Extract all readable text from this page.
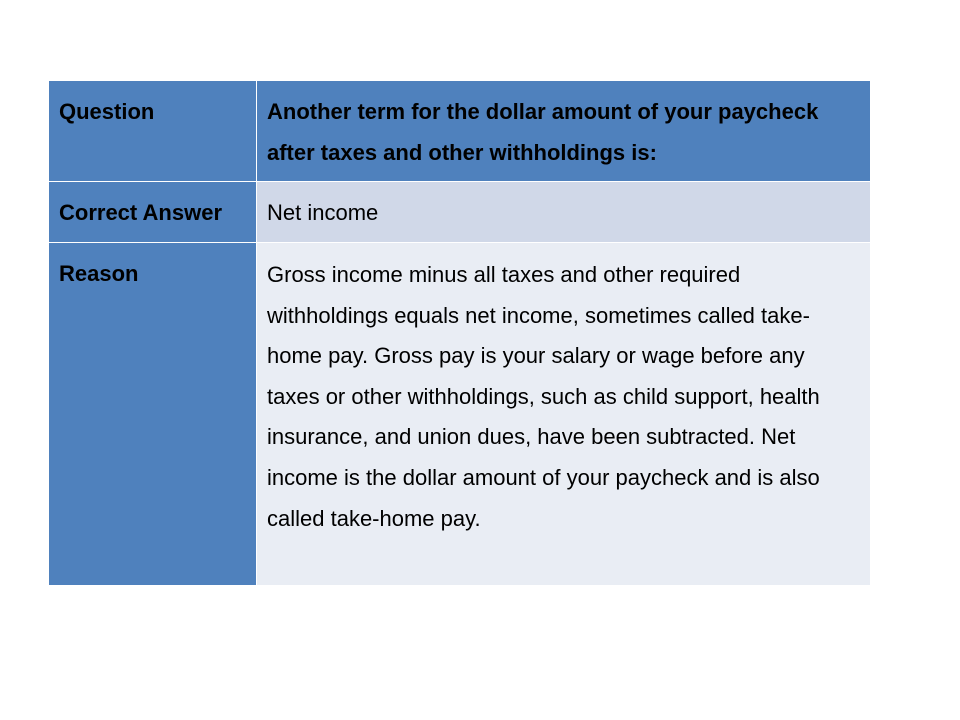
Question	Another term for the dollar amount of your paycheck after taxes and other withholdings is:

Correct Answer	Net income

Reason	Gross income minus all taxes and other required withholdings equals net income, sometimes called take-home pay. Gross pay is your salary or wage before any taxes or other withholdings, such as child support, health insurance, and union dues, have been subtracted. Net income is the dollar amount of your paycheck and is also called take-home pay.
